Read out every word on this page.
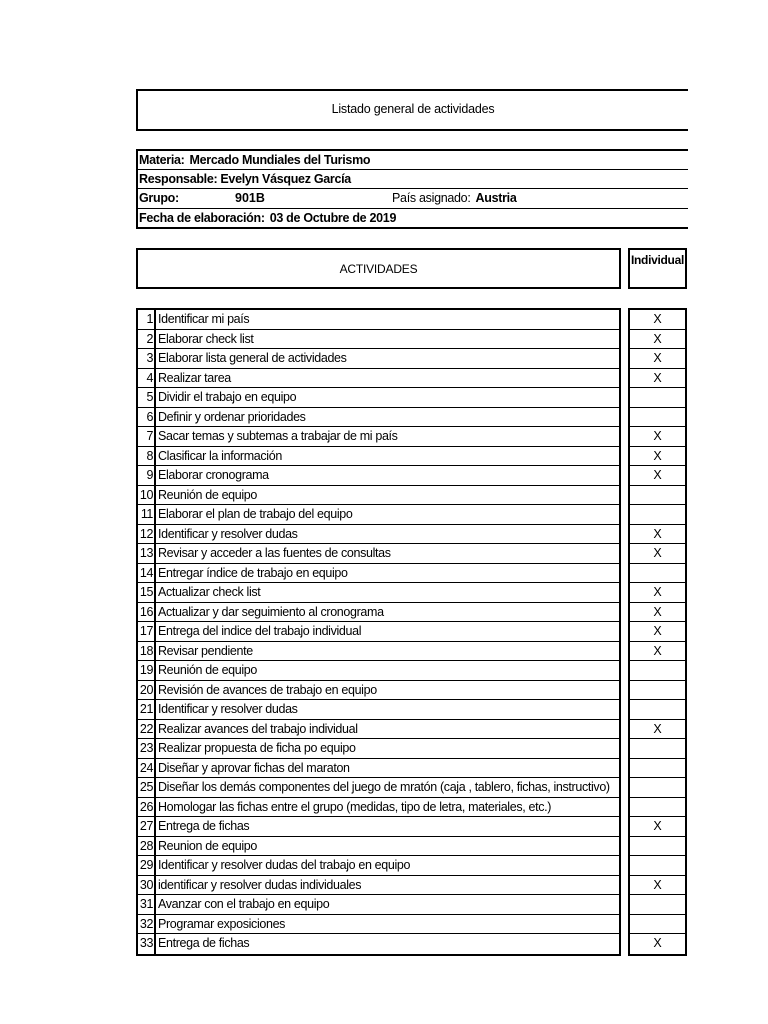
Listado general de actividades
Materia: Mercado Mundiales del Turismo
Responsable: Evelyn Vásquez García
Grupo:	901B	País asignado: Austria
Fecha de elaboración: 03 de Octubre de 2019
ACTIVIDADES
Individual
1 Identificar mi país
2 Elaborar check list
3 Elaborar lista general de actividades
4 Realizar tarea
5 Dividir el trabajo en equipo
6 Definir y ordenar prioridades
7 Sacar temas y subtemas a trabajar de mi país
8 Clasificar la información
9 Elaborar cronograma
10 Reunión de equipo
11 Elaborar el plan de trabajo del equipo
12 Identificar y resolver dudas
13 Revisar y acceder a las fuentes de consultas
14 Entregar índice de trabajo en equipo
15 Actualizar check list
16 Actualizar y dar seguimiento al cronograma
17 Entrega del indice del trabajo individual
18 Revisar pendiente
19 Reunión de equipo
20 Revisión de avances de trabajo en equipo
21 Identificar y resolver dudas
22 Realizar avances del trabajo individual
23 Realizar propuesta de ficha po equipo
24 Diseñar y aprovar fichas del maraton
25 Diseñar los demás componentes del juego de mratón (caja , tablero, fichas, instructivo)
26 Homologar las fichas entre el grupo (medidas, tipo de letra, materiales, etc.)
27 Entrega de fichas
28 Reunion de equipo
29 Identificar y resolver dudas del trabajo en equipo
30 identificar y resolver dudas individuales
31 Avanzar con el trabajo en equipo
32 Programar exposiciones
33 Entrega de fichas
X
X
X
X
X
X
X
X
X
X
X
X
X
X
X
X
X
